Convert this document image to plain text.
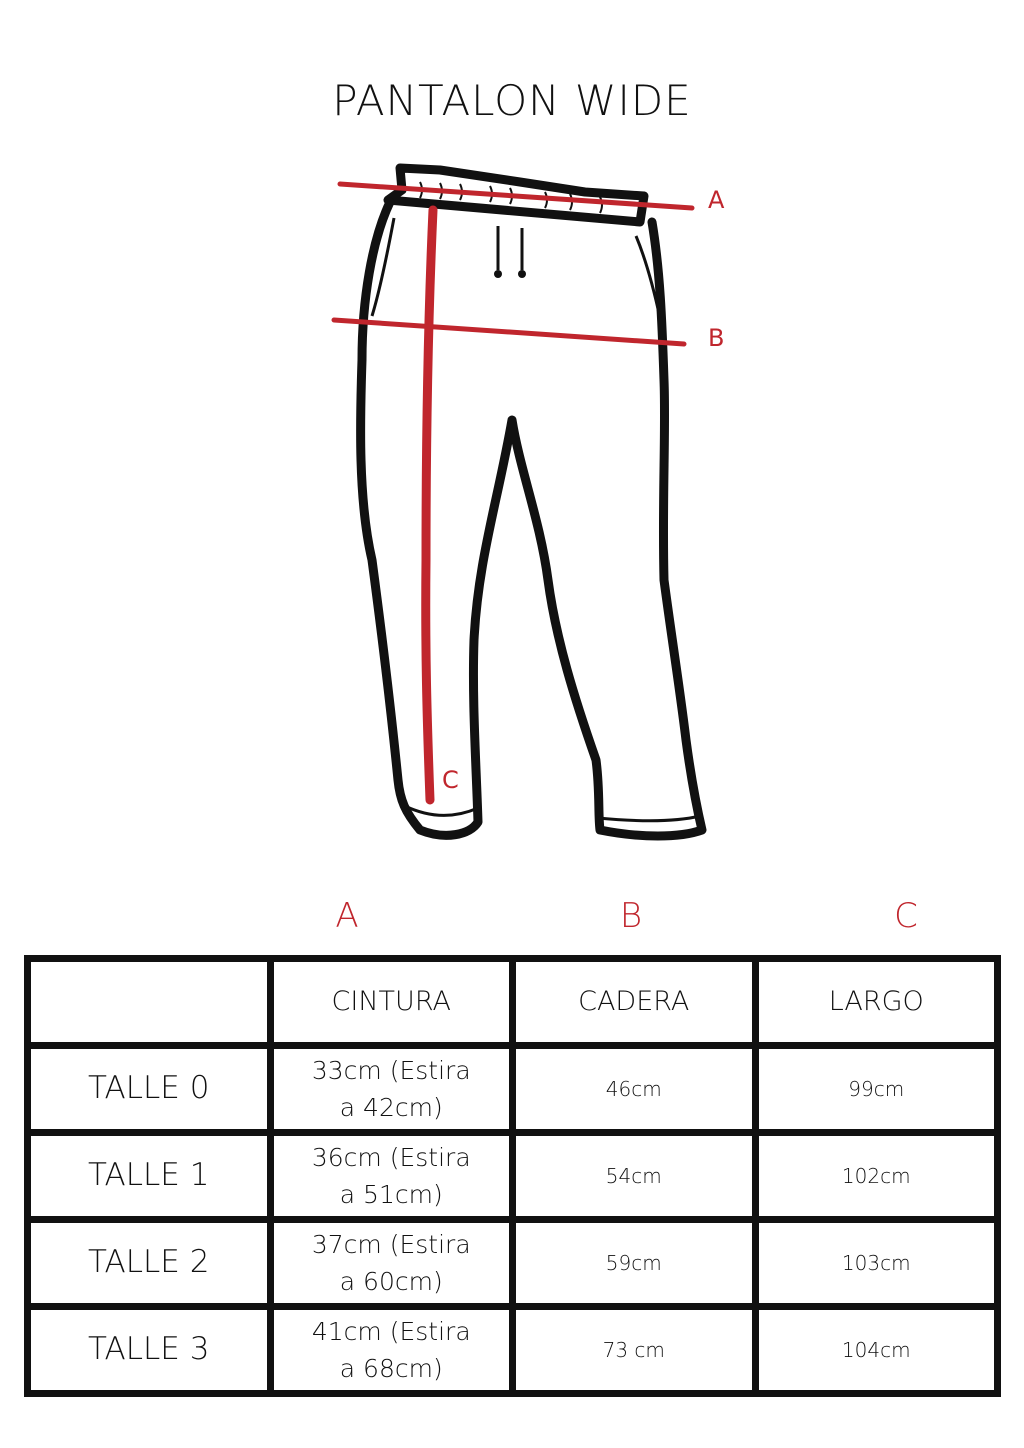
PANTALON WIDE
A
B
C
A	B	C
	CINTURA	CADERA	LARGO
TALLE 0	33cm (Estira a 42cm)	46cm	99cm
TALLE 1	36cm (Estira a 51cm)	54cm	102cm
TALLE 2	37cm (Estira a 60cm)	59cm	103cm
TALLE 3	41cm (Estira a 68cm)	73 cm	104cm
